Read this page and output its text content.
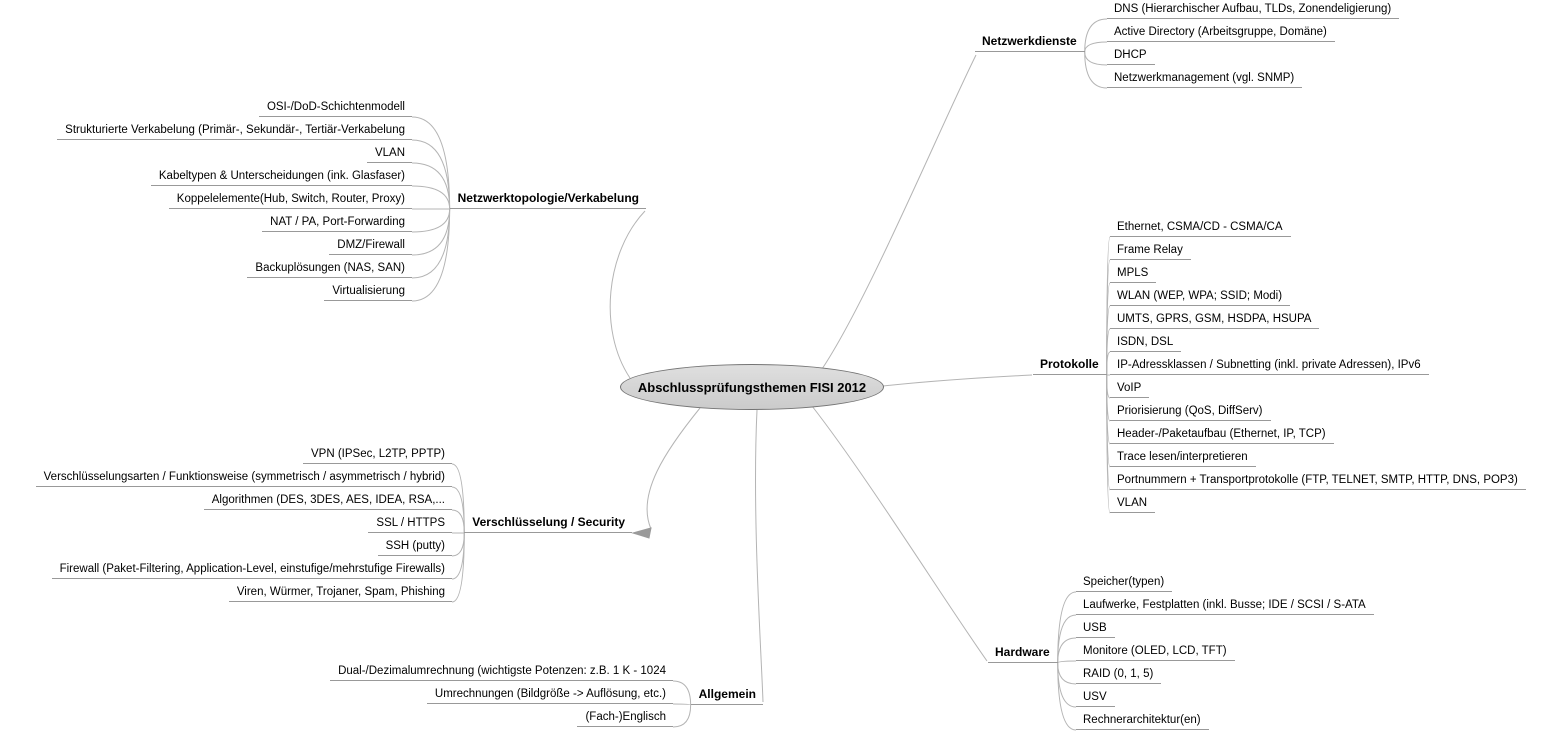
Abschlussprüfungsthemen FISI 2012
Netzwerkdienste
DNS (Hierarchischer Aufbau, TLDs, Zonendeligierung)
Active Directory (Arbeitsgruppe, Domäne)
DHCP
Netzwerkmanagement (vgl. SNMP)
Protokolle
Ethernet, CSMA/CD - CSMA/CA
Frame Relay
MPLS
WLAN (WEP, WPA; SSID; Modi)
UMTS, GPRS, GSM, HSDPA, HSUPA
ISDN, DSL
IP-Adressklassen / Subnetting (inkl. private Adressen), IPv6
VoIP
Priorisierung (QoS, DiffServ)
Header-/Paketaufbau (Ethernet, IP, TCP)
Trace lesen/interpretieren
Portnummern + Transportprotokolle (FTP, TELNET, SMTP, HTTP, DNS, POP3)
VLAN
Hardware
Speicher(typen)
Laufwerke, Festplatten (inkl. Busse; IDE / SCSI / S-ATA
USB
Monitore (OLED, LCD, TFT)
RAID (0, 1, 5)
USV
Rechnerarchitektur(en)
Netzwerktopologie/Verkabelung
OSI-/DoD-Schichtenmodell
Strukturierte Verkabelung (Primär-, Sekundär-, Tertiär-Verkabelung
VLAN
Kabeltypen & Unterscheidungen (ink. Glasfaser)
Koppelelemente(Hub, Switch, Router, Proxy)
NAT / PA, Port-Forwarding
DMZ/Firewall
Backuplösungen (NAS, SAN)
Virtualisierung
Verschlüsselung / Security
VPN (IPSec, L2TP, PPTP)
Verschlüsselungsarten / Funktionsweise (symmetrisch / asymmetrisch / hybrid)
Algorithmen (DES, 3DES, AES, IDEA, RSA,...
SSL / HTTPS
SSH (putty)
Firewall (Paket-Filtering, Application-Level, einstufige/mehrstufige Firewalls)
Viren, Würmer, Trojaner, Spam, Phishing
Allgemein
Dual-/Dezimalumrechnung (wichtigste Potenzen: z.B. 1 K - 1024
Umrechnungen (Bildgröße -> Auflösung, etc.)
(Fach-)Englisch
